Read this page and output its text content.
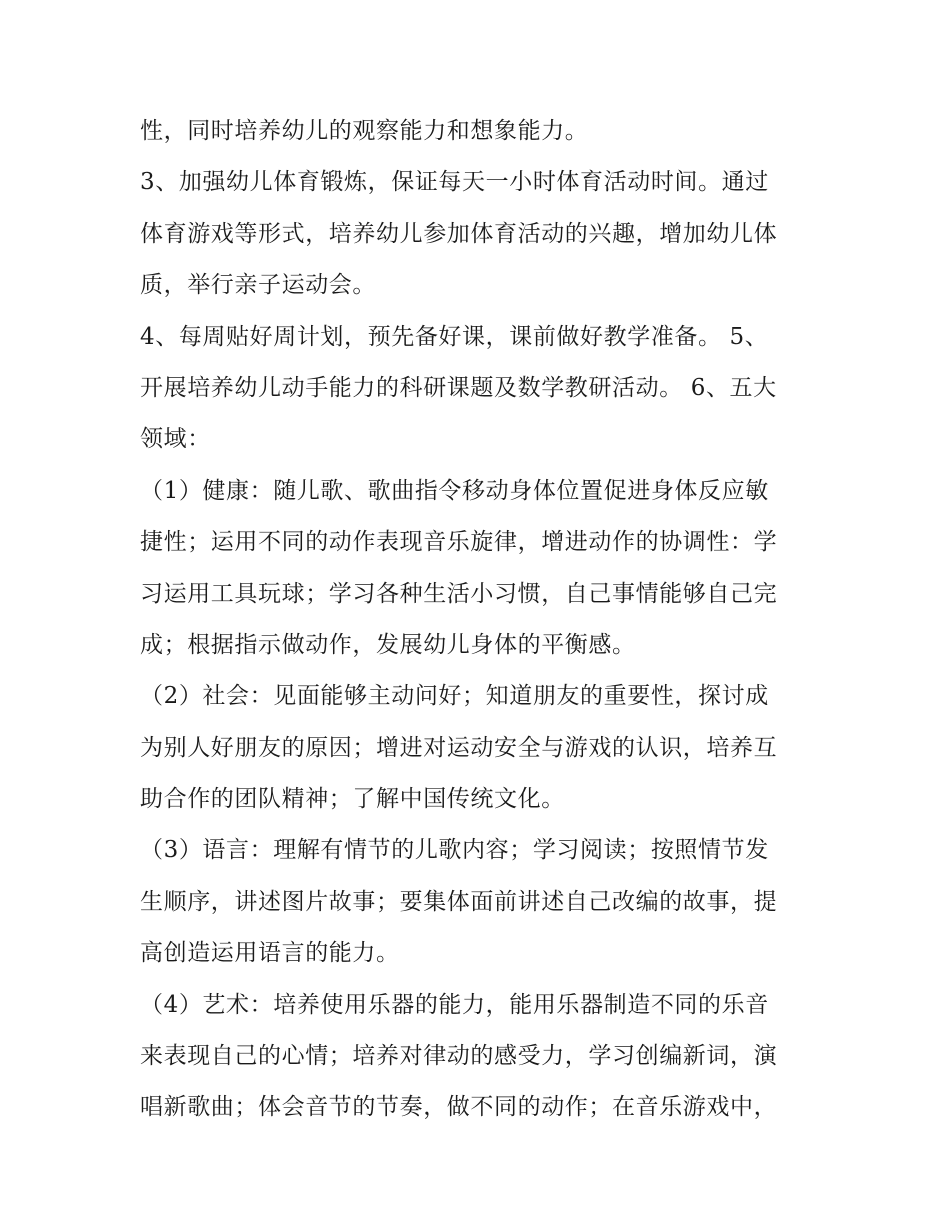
性，同时培养幼儿的观察能力和想象能力。
3、加强幼儿体育锻炼，保证每天一小时体育活动时间。通过
体育游戏等形式，培养幼儿参加体育活动的兴趣，增加幼儿体
质，举行亲子运动会。
4、每周贴好周计划，预先备好课，课前做好教学准备。 5、
开展培养幼儿动手能力的科研课题及数学教研活动。 6、五大
领域：
（1）健康：随儿歌、歌曲指令移动身体位置促进身体反应敏
捷性；运用不同的动作表现音乐旋律，增进动作的协调性：学
习运用工具玩球；学习各种生活小习惯，自己事情能够自己完
成；根据指示做动作，发展幼儿身体的平衡感。
（2）社会：见面能够主动问好；知道朋友的重要性，探讨成
为别人好朋友的原因；增进对运动安全与游戏的认识，培养互
助合作的团队精神；了解中国传统文化。
（3）语言：理解有情节的儿歌内容；学习阅读；按照情节发
生顺序，讲述图片故事；要集体面前讲述自己改编的故事，提
高创造运用语言的能力。
（4）艺术：培养使用乐器的能力，能用乐器制造不同的乐音
来表现自己的心情；培养对律动的感受力，学习创编新词，演
唱新歌曲；体会音节的节奏，做不同的动作；在音乐游戏中，
